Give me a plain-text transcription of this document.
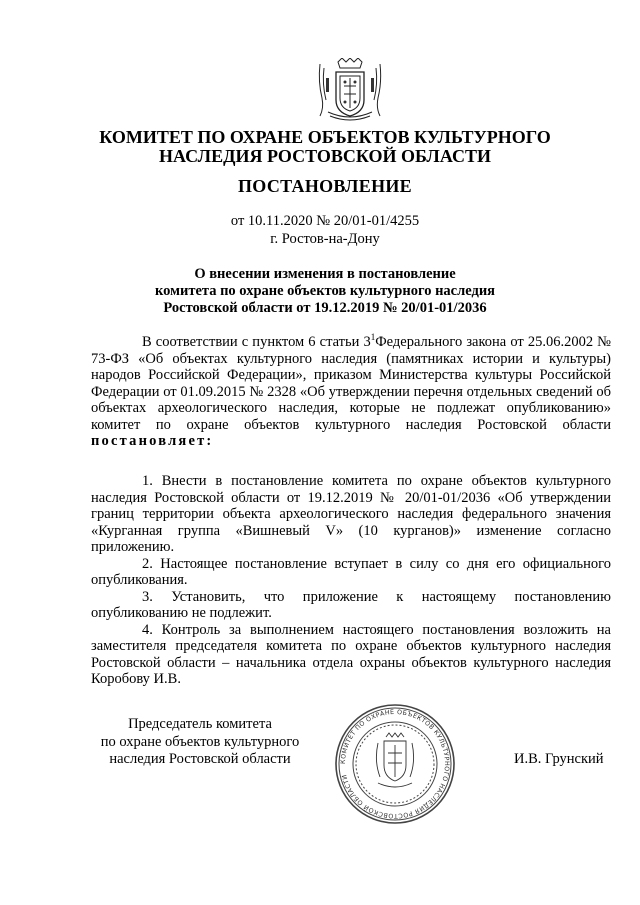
КОМИТЕТ ПО ОХРАНЕ ОБЪЕКТОВ КУЛЬТУРНОГО
НАСЛЕДИЯ РОСТОВСКОЙ ОБЛАСТИ
ПОСТАНОВЛЕНИЕ
от 10.11.2020 № 20/01-01/4255
г. Ростов-на-Дону
О внесении изменения в постановление
комитета по охране объектов культурного наследия
Ростовской области от 19.12.2019 № 20/01-01/2036

В соответствии с пунктом 6 статьи $3^1Федерального$ закона от 25.06.2002 № 73-ФЗ «Об объектах культурного наследия (памятниках истории и культуры) народов Российской Федерации», приказом Министерства культуры Российской Федерации от 01.09.2015 № 2328 «Об утверждении перечня отдельных сведений об объектах археологического наследия, которые не подлежат опубликованию» комитет по охране объектов культурного наследия Ростовской области постановляет:

1. Внести в постановление комитета по охране объектов культурного наследия Ростовской области от 19.12.2019 № 20/01-01/2036 «Об утверждении границ территории объекта археологического наследия федерального значения «Курганная группа «Вишневый V» (10 курганов)» изменение согласно приложению.

2. Настоящее постановление вступает в силу со дня его официального опубликования.

3. Установить, что приложение к настоящему постановлению опубликованию не подлежит.

4. Контроль за выполнением настоящего постановления возложить на заместителя председателя комитета по охране объектов культурного наследия Ростовской области – начальника отдела охраны объектов культурного наследия Коробову И.В.

Председатель комитета
по охране объектов культурного
наследия Ростовской области	КОМИТЕТ ПО ОХРАНЕ ОБЪЕКТОВ КУЛЬТУРНОГО НАСЛЕДИЯ РОСТОВСКОЙ ОБЛАСТИ
И.В. Грунский
